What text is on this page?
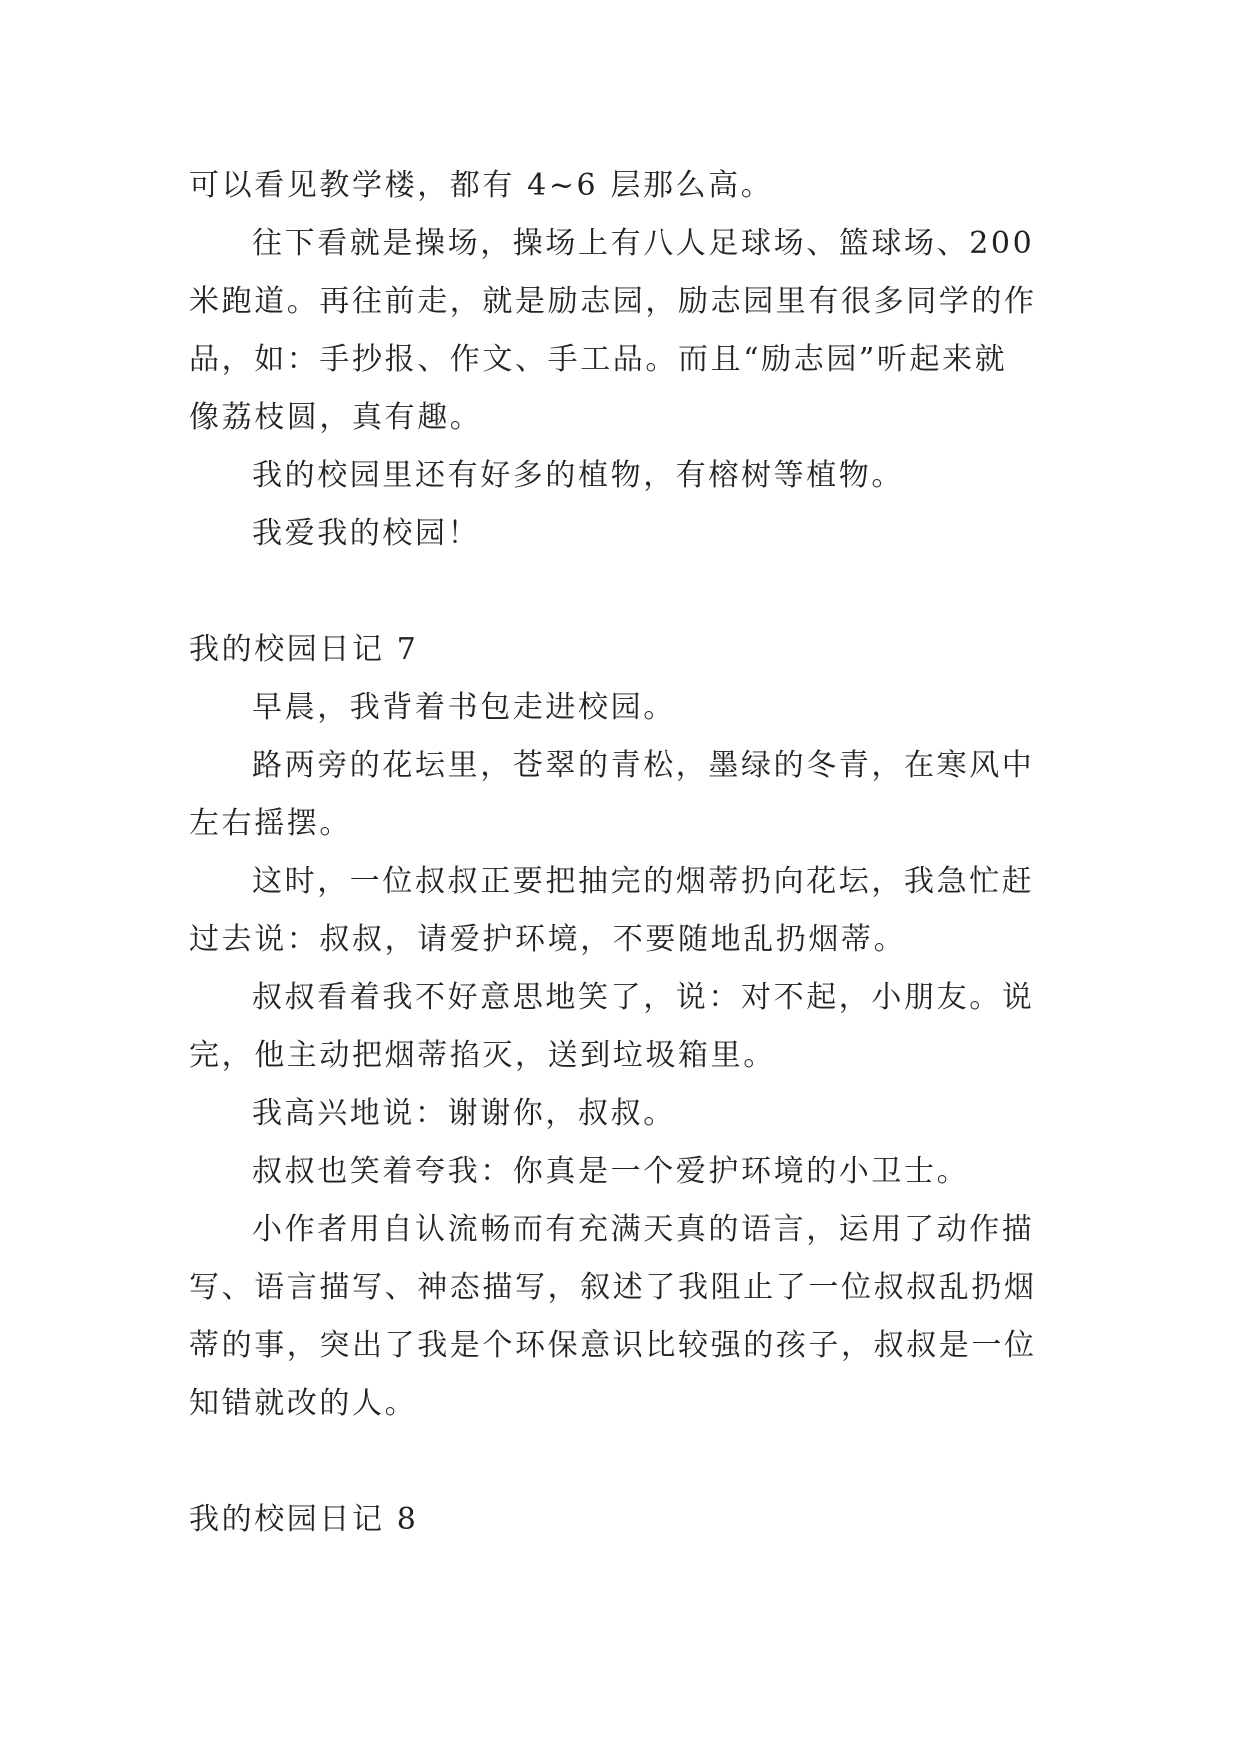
可以看见教学楼，都有 4~6 层那么高。
往下看就是操场，操场上有八人足球场、篮球场、200
米跑道。再往前走，就是励志园，励志园里有很多同学的作
品，如：手抄报、作文、手工品。而且“励志园”听起来就
像荔枝圆，真有趣。
我的校园里还有好多的植物，有榕树等植物。
我爱我的校园！
我的校园日记 7
早晨，我背着书包走进校园。
路两旁的花坛里，苍翠的青松，墨绿的冬青，在寒风中
左右摇摆。
这时，一位叔叔正要把抽完的烟蒂扔向花坛，我急忙赶
过去说：叔叔，请爱护环境，不要随地乱扔烟蒂。
叔叔看着我不好意思地笑了，说：对不起，小朋友。说
完，他主动把烟蒂掐灭，送到垃圾箱里。
我高兴地说：谢谢你，叔叔。
叔叔也笑着夸我：你真是一个爱护环境的小卫士。
小作者用自认流畅而有充满天真的语言，运用了动作描
写、语言描写、神态描写，叙述了我阻止了一位叔叔乱扔烟
蒂的事，突出了我是个环保意识比较强的孩子，叔叔是一位
知错就改的人。
我的校园日记 8
